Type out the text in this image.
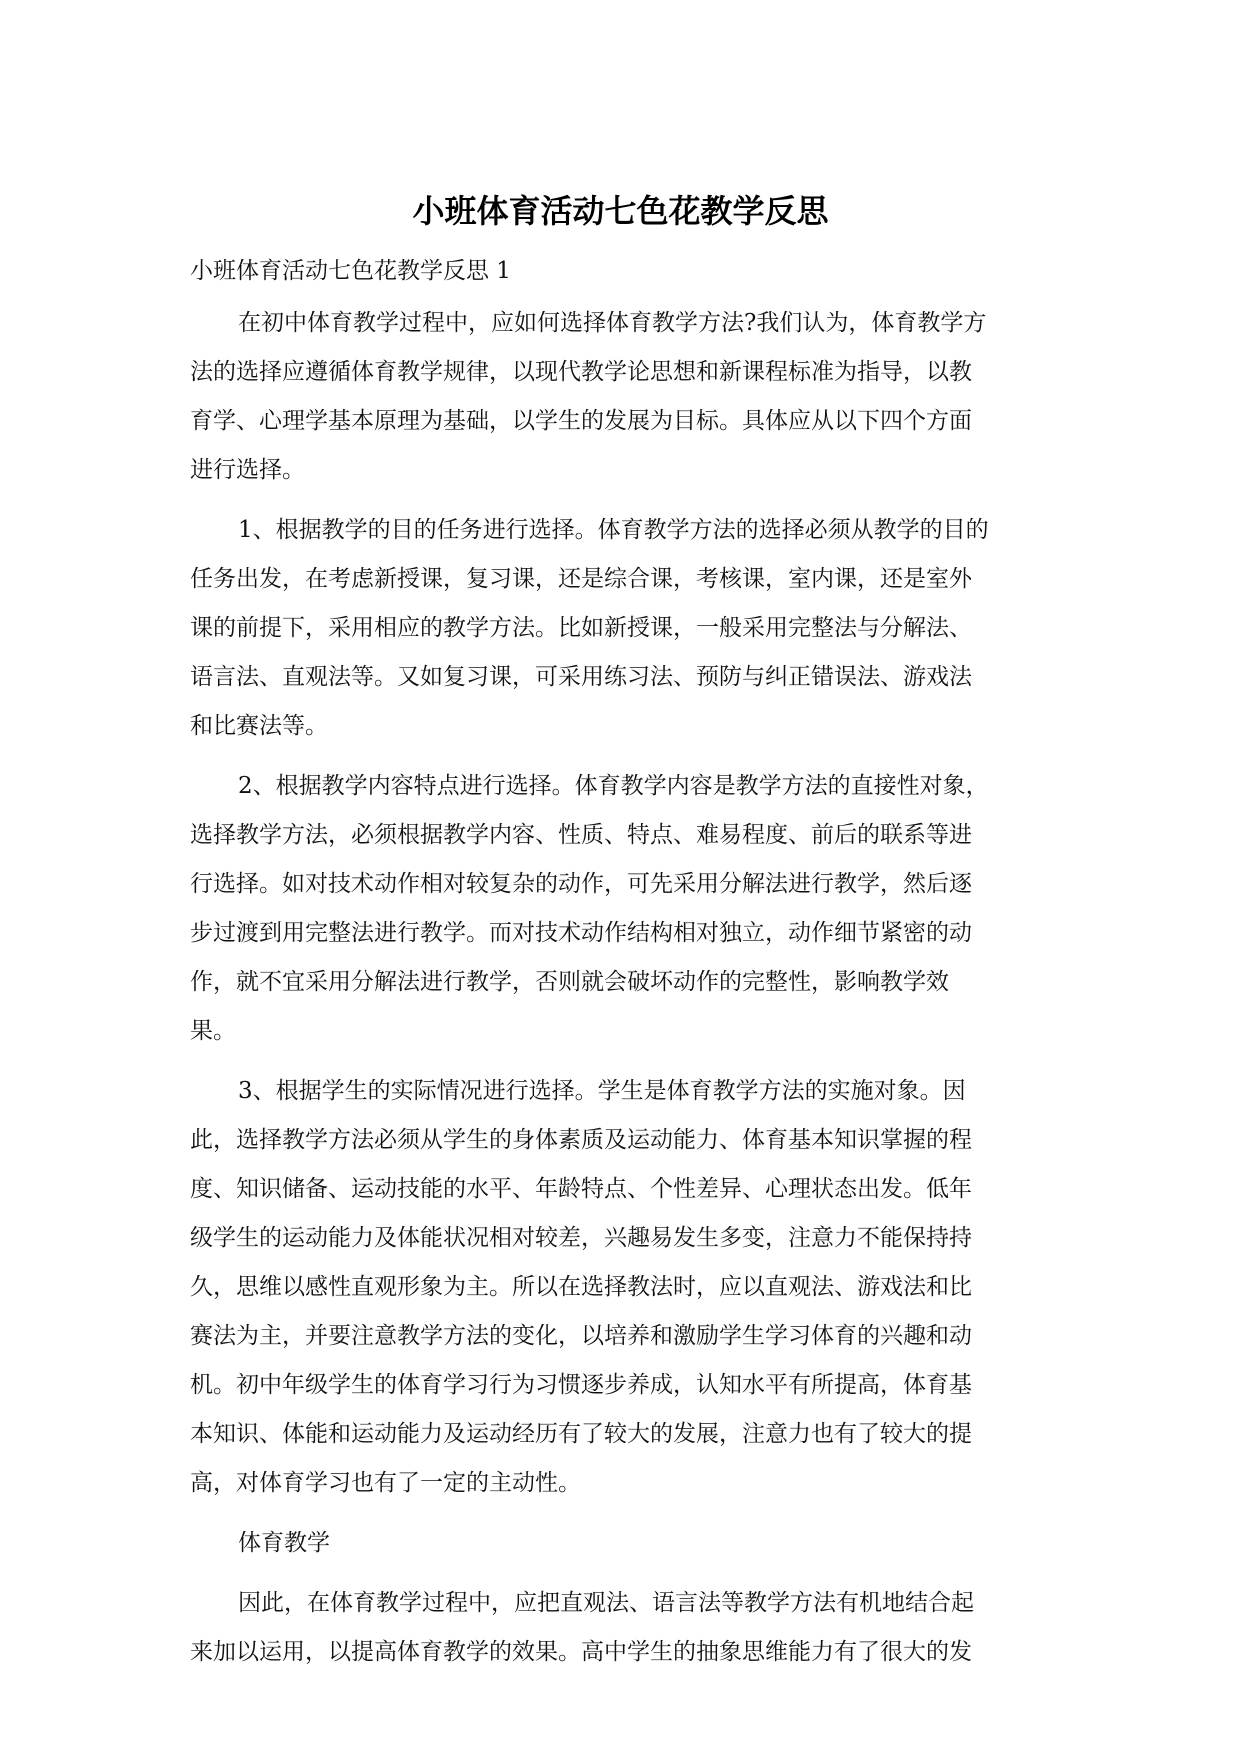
小班体育活动七色花教学反思

小班体育活动七色花教学反思 1

在初中体育教学过程中，应如何选择体育教学方法?我们认为，体育教学方
法的选择应遵循体育教学规律，以现代教学论思想和新课程标准为指导，以教
育学、心理学基本原理为基础，以学生的发展为目标。具体应从以下四个方面
进行选择。

1、根据教学的目的任务进行选择。体育教学方法的选择必须从教学的目的
任务出发，在考虑新授课，复习课，还是综合课，考核课，室内课，还是室外
课的前提下，采用相应的教学方法。比如新授课，一般采用完整法与分解法、
语言法、直观法等。又如复习课，可采用练习法、预防与纠正错误法、游戏法
和比赛法等。

2、根据教学内容特点进行选择。体育教学内容是教学方法的直接性对象，
选择教学方法，必须根据教学内容、性质、特点、难易程度、前后的联系等进
行选择。如对技术动作相对较复杂的动作，可先采用分解法进行教学，然后逐
步过渡到用完整法进行教学。而对技术动作结构相对独立，动作细节紧密的动
作，就不宜采用分解法进行教学，否则就会破坏动作的完整性，影响教学效
果。

3、根据学生的实际情况进行选择。学生是体育教学方法的实施对象。因
此，选择教学方法必须从学生的身体素质及运动能力、体育基本知识掌握的程
度、知识储备、运动技能的水平、年龄特点、个性差异、心理状态出发。低年
级学生的运动能力及体能状况相对较差，兴趣易发生多变，注意力不能保持持
久，思维以感性直观形象为主。所以在选择教法时，应以直观法、游戏法和比
赛法为主，并要注意教学方法的变化，以培养和激励学生学习体育的兴趣和动
机。初中年级学生的体育学习行为习惯逐步养成，认知水平有所提高，体育基
本知识、体能和运动能力及运动经历有了较大的发展，注意力也有了较大的提
高，对体育学习也有了一定的主动性。

体育教学

因此，在体育教学过程中，应把直观法、语言法等教学方法有机地结合起
来加以运用，以提高体育教学的效果。高中学生的抽象思维能力有了很大的发
